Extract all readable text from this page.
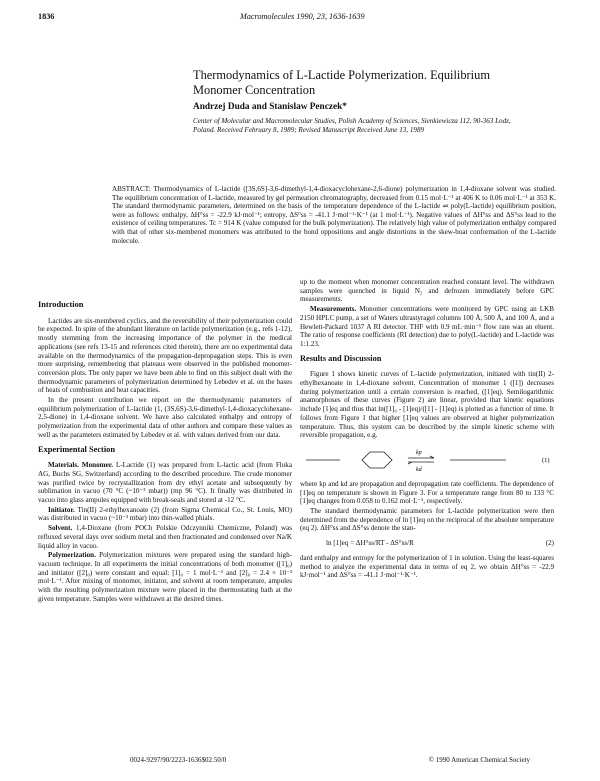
1836	Macromolecules 1990, 23, 1636-1639
Thermodynamics of L-Lactide Polymerization. Equilibrium Monomer Concentration
Andrzej Duda and Stanislaw Penczek*
Center of Molecular and Macromolecular Studies, Polish Academy of Sciences, Sienkiewicza 112, 90-363 Lodz, Poland. Received February 8, 1989; Revised Manuscript Received June 13, 1989
ABSTRACT: Thermodynamics of L-lactide ([3S,6S]-3,6-dimethyl-1,4-dioxacyclohexane-2,6-dione) polymerization in 1,4-dioxane solvent was studied. The equilibrium concentration of L-lactide, measured by gel permeation chromatography, decreased from 0.15 mol·L⁻¹ at 406 K to 0.06 mol·L⁻¹ at 353 K. The standard thermodynamic parameters, determined on the basis of the temperature dependence of the L-lactide ⇌ poly(L-lactide) equilibrium position, were as follows: enthalpy, ΔH°ss = -22.9 kJ·mol⁻¹; entropy, ΔS°ss = -41.1 J·mol⁻¹·K⁻¹ (at 1 mol·L⁻¹). Negative values of ΔH°ss and ΔS°ss lead to the existence of ceiling temperatures. Tc = 914 K (value computed for the bulk polymerization). The relatively high value of polymerization enthalpy compared with that of other six-membered monomers was attributed to the bond oppositions and angle distortions in the skew-boat conformation of the L-lactide molecule.
Introduction

Lactides are six-membered cyclics, and the reversibility of their polymerization could be expected. In spite of the abundant literature on lactide polymerization (e.g., refs 1-12), mostly stemming from the increasing importance of the polymer in the medical applications (see refs 13-15 and references cited therein), there are no experimental data available on the thermodynamics of the propagation-depropagation steps. This is even more surprising, remembering that plateaus were observed in the published monomer-conversion plots. The only paper we have been able to find on this subject dealt with the thermodynamic parameters of polymerization determined by Lebedev et al. on the bases of heats of combustion and heat capacities.

In the present contribution we report on the thermodynamic parameters of equilibrium polymerization of L-lactide (1, (3S,6S)-3,6-dimethyl-1,4-dioxacyclohexane-2,5-dione) in 1,4-dioxane solvent. We have also calculated enthalpy and entropy of polymerization from the experimental data of other authors and compare these values as well as the parameters estimated by Lebedev et al. with values derived from our data.

Experimental Section

Materials. Monomer. L-Lactide (1) was prepared from L-lactic acid (from Fluka AG, Buchs SG, Switzerland) according to the described procedure. The crude monomer was purified twice by recrystallization from dry ethyl acetate and subsequently by sublimation in vacuo (70 °C (~10⁻³ mbar)) (mp 96 °C). It finally was distributed in vacuo into glass ampules equipped with break-seals and stored at -12 °C.

Initiator. Tin(II) 2-ethylhexanoate (2) (from Sigma Chemical Co., St. Louis, MO) was distributed in vacuo (~10⁻³ mbar) into thin-walled phials.

Solvent. 1,4-Dioxane (from POCh Polskie Odczynniki Chemiczne, Poland) was refluxed several days over sodium metal and then fractionated and condensed over Na/K liquid alloy in vacuo.

Polymerization. Polymerization mixtures were prepared using the standard high-vacuum technique. In all experiments the initial concentrations of both monomer ([1]₀) and initiator ([2]₀) were constant and equal: [1]₀ = 1 mol·L⁻¹ and [2]₀ = 2.4 × 10⁻³ mol·L⁻¹. After mixing of monomer, initiator, and solvent at room temperature, ampules with the resulting polymerization mixture were placed in the thermostating bath at the given temperature. Samples were withdrawn at the desired times.

up to the moment when monomer concentration reached constant level. The withdrawn samples were quenched in liquid N₂ and defrozen immediately before GPC measurements.

Measurements. Monomer concentrations were monitored by GPC using an LKB 2150 HPLC pump, a set of Waters ultrastyragel columns 100 Å, 500 Å, and 100 Å, and a Hewlett-Packard 1037 A RI detector. THF with 0.9 mL·min⁻¹ flow rate was an eluent. The ratio of response coefficients (RI detection) due to poly(L-lactide) and L-lactide was 1:1.23.

Results and Discussion

Figure 1 shows kinetic curves of L-lactide polymerization, initiated with tin(II) 2-ethylhexanoate in 1,4-dioxane solvent. Concentration of monomer 1 ([1]) decreases during polymerization until a certain conversion is reached, ([1]eq). Semilogarithmic anamorphoses of these curves (Figure 2) are linear, provided that kinetic equations include [1]eq and thus that ln([1]₀ - [1]eq)/([1] - [1]eq) is plotted as a function of time. It follows from Figure 1 that higher [1]eq values are observed at higher polymerization temperature. Thus, this system can be described by the simple kinetic scheme with reversible propagation, e.g.

kp
kd
(1)

where kp and kd are propagation and depropagation rate coefficients. The dependence of [1]eq on temperature is shown in Figure 3. For a temperature range from 80 to 133 °C [1]eq changes from 0.058 to 0.162 mol·L⁻¹, respectively.

The standard thermodynamic parameters for L-lactide polymerization were then determined from the dependence of ln [1]eq on the reciprocal of the absolute temperature (eq 2). ΔH°ss and ΔS°ss denote the stan-

ln [1]eq = ΔH°ss/RT - ΔS°ss/R	(2)

dard enthalpy and entropy for the polymerization of 1 in solution. Using the least-squares method to analyze the experimental data in terms of eq 2, we obtain ΔH°ss = -22.9 kJ·mol⁻¹ and ΔS°ss = -41.1 J·mol⁻¹·K⁻¹.

0024-9297/90/2223-1636$02.50/0	© 1990 American Chemical Society
